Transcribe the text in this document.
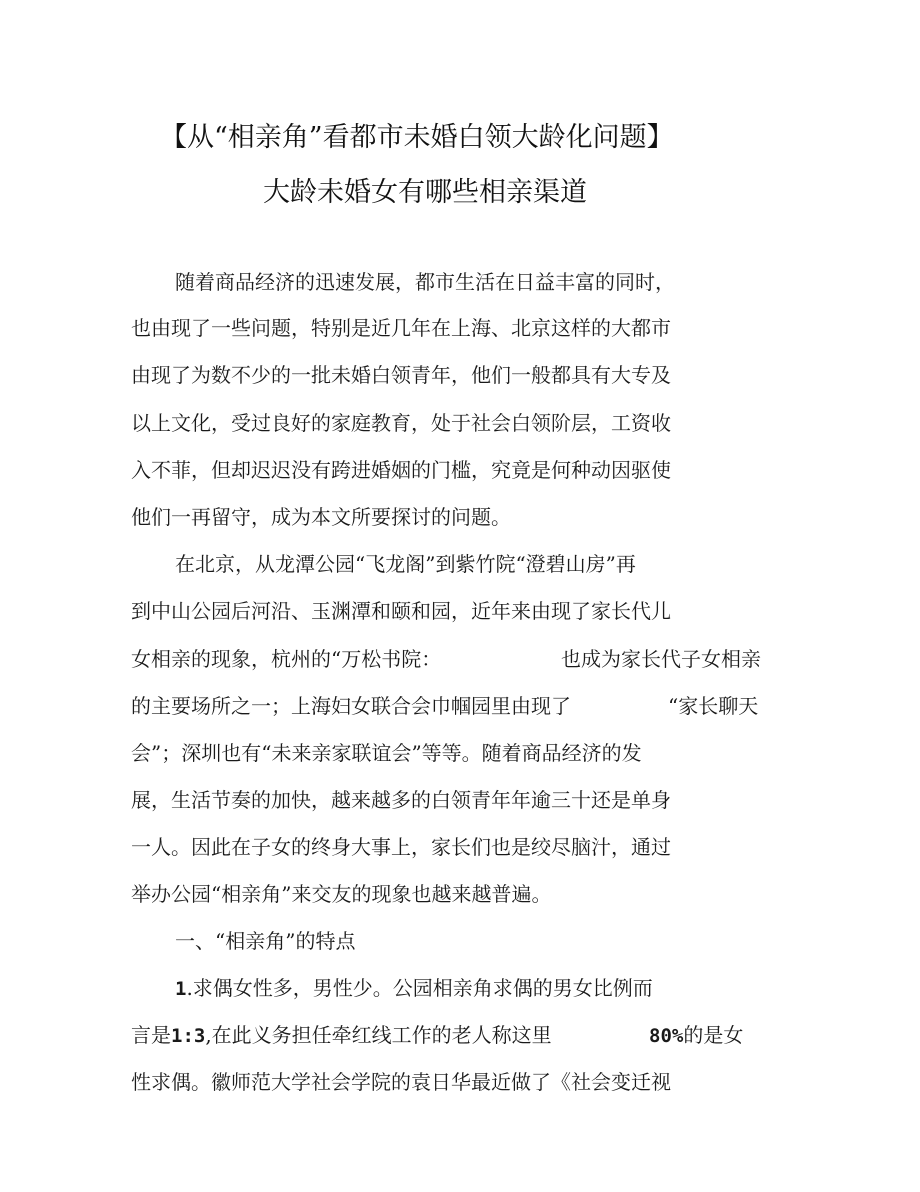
【从“相亲角”看都市未婚白领大龄化问题】
大龄未婚女有哪些相亲渠道
随着商品经济的迅速发展，都市生活在日益丰富的同时，
也由现了一些问题，特别是近几年在上海、北京这样的大都市
由现了为数不少的一批未婚白领青年，他们一般都具有大专及
以上文化，受过良好的家庭教育，处于社会白领阶层，工资收
入不菲，但却迟迟没有跨进婚姻的门槛，究竟是何种动因驱使
他们一再留守，成为本文所要探讨的问题。
在北京，从龙潭公园“飞龙阁”到紫竹院“澄碧山房”再
到中山公园后河沿、玉渊潭和颐和园，近年来由现了家长代儿
女相亲的现象，杭州的“万松书院：	也成为家长代子女相亲
的主要场所之一；上海妇女联合会巾帼园里由现了	“家长聊天
会”；深圳也有“未来亲家联谊会”等等。随着商品经济的发
展，生活节奏的加快，越来越多的白领青年年逾三十还是单身
一人。因此在子女的终身大事上，家长们也是绞尽脑汁，通过
举办公园“相亲角”来交友的现象也越来越普遍。
一、“相亲角”的特点
1.求偶女性多，男性少。公园相亲角求偶的男女比例而
言是1:3,在此义务担任牵红线工作的老人称这里	80%的是女
性求偶。徽师范大学社会学院的袁日华最近做了《社会变迁视
